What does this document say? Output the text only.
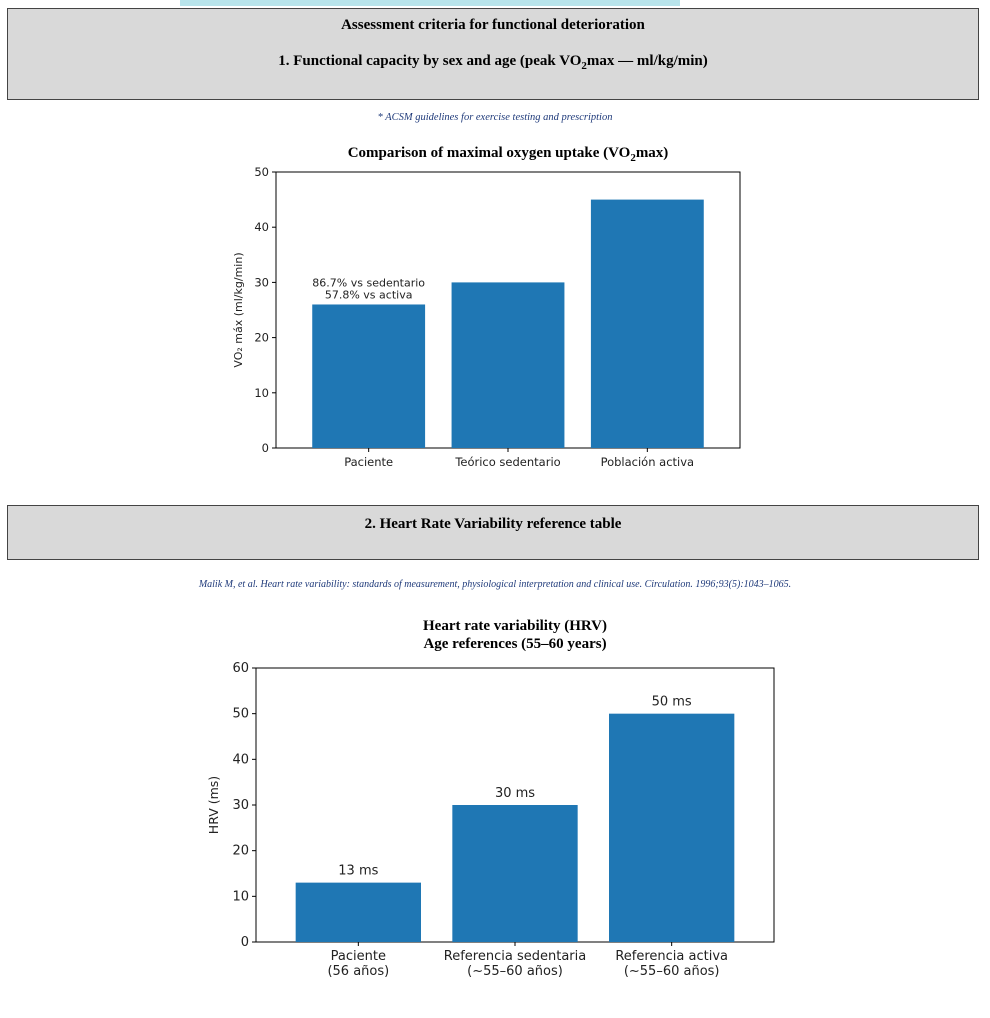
Assessment criteria for functional deterioration
1. Functional capacity by sex and age (peak $VO_2\max$ — ml/kg/min)
* ACSM guidelines for exercise testing and prescription
Comparison of maximal oxygen uptake $(VO_2\max)$
0
10
20
30
40
50
VO₂ máx (ml/kg/min)
Paciente
86.7% vs sedentario
57.8% vs activa
Teórico sedentario	Población activa
2. Heart Rate Variability reference table
Malik M, et al. Heart rate variability: standards of measurement, physiological interpretation and clinical use. Circulation. 1996;93(5):1043–1065.
Heart rate variability (HRV)
Age references (55–60 years)
0
10
20
30
40
50
60
HRV (ms)
Paciente
(56 años)
13 ms
Referencia sedentaria
(~55–60 años)
30 ms
Referencia activa
(~55–60 años)
50 ms
